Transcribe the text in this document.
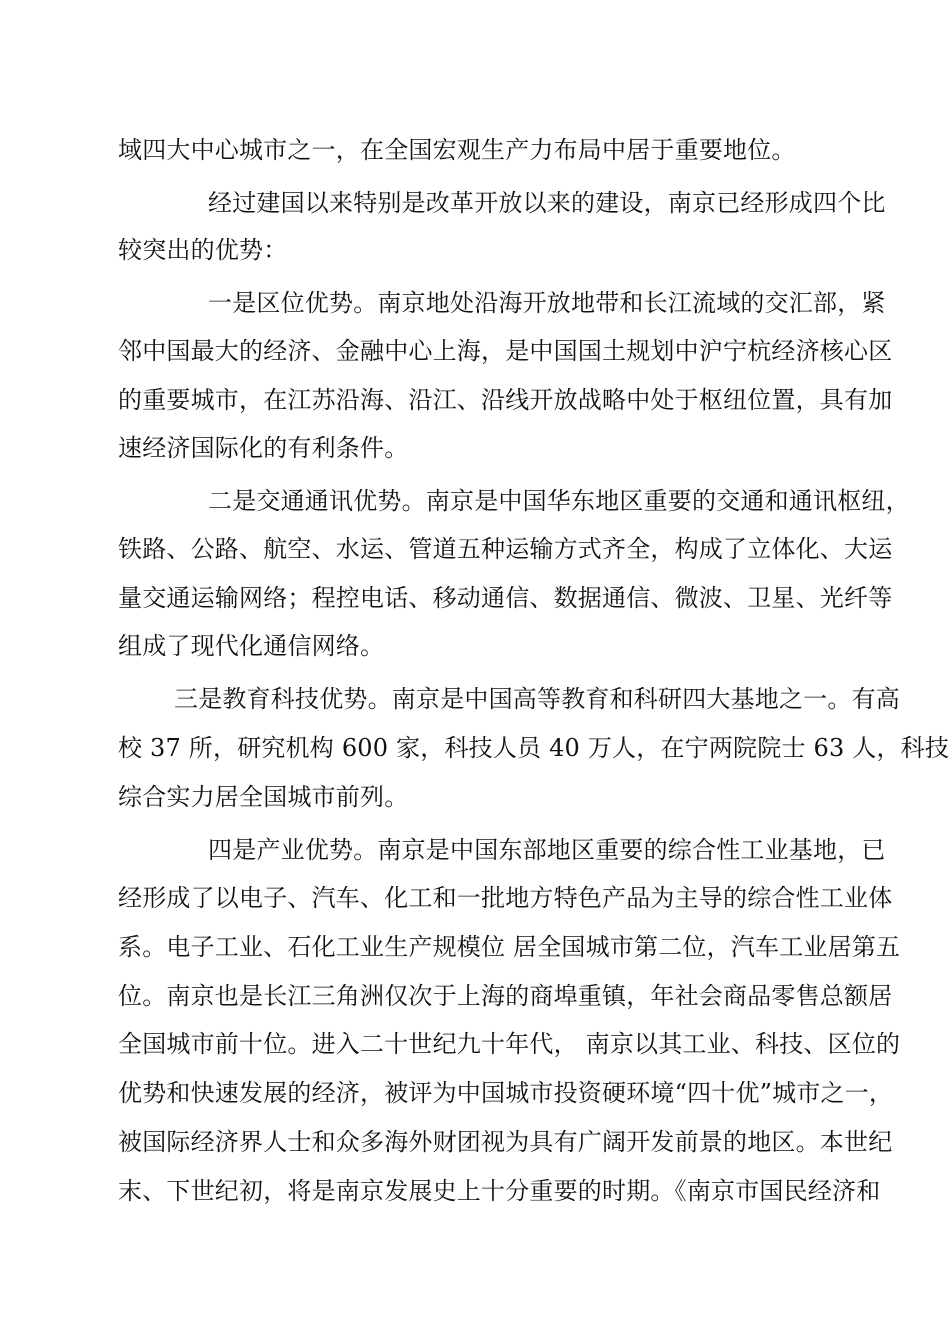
域四大中心城市之一，在全国宏观生产力布局中居于重要地位。
经过建国以来特别是改革开放以来的建设，南京已经形成四个比
较突出的优势：
一是区位优势。南京地处沿海开放地带和长江流域的交汇部，紧
邻中国最大的经济、金融中心上海，是中国国土规划中沪宁杭经济核心区
的重要城市，在江苏沿海、沿江、沿线开放战略中处于枢纽位置，具有加
速经济国际化的有利条件。
二是交通通讯优势。南京是中国华东地区重要的交通和通讯枢纽，
铁路、公路、航空、水运、管道五种运输方式齐全，构成了立体化、大运
量交通运输网络；程控电话、移动通信、数据通信、微波、卫星、光纤等
组成了现代化通信网络。
三是教育科技优势。南京是中国高等教育和科研四大基地之一。有高
校 37 所，研究机构 600 家，科技人员 40 万人，在宁两院院士 63 人，科技
综合实力居全国城市前列。
四是产业优势。南京是中国东部地区重要的综合性工业基地，已
经形成了以电子、汽车、化工和一批地方特色产品为主导的综合性工业体
系。电子工业、石化工业生产规模位 居全国城市第二位，汽车工业居第五
位。南京也是长江三角洲仅次于上海的商埠重镇，年社会商品零售总额居
全国城市前十位。进入二十世纪九十年代， 南京以其工业、科技、区位的
优势和快速发展的经济，被评为中国城市投资硬环境“四十优”城市之一，
被国际经济界人士和众多海外财团视为具有广阔开发前景的地区。本世纪
末、下世纪初，将是南京发展史上十分重要的时期。《南京市国民经济和
